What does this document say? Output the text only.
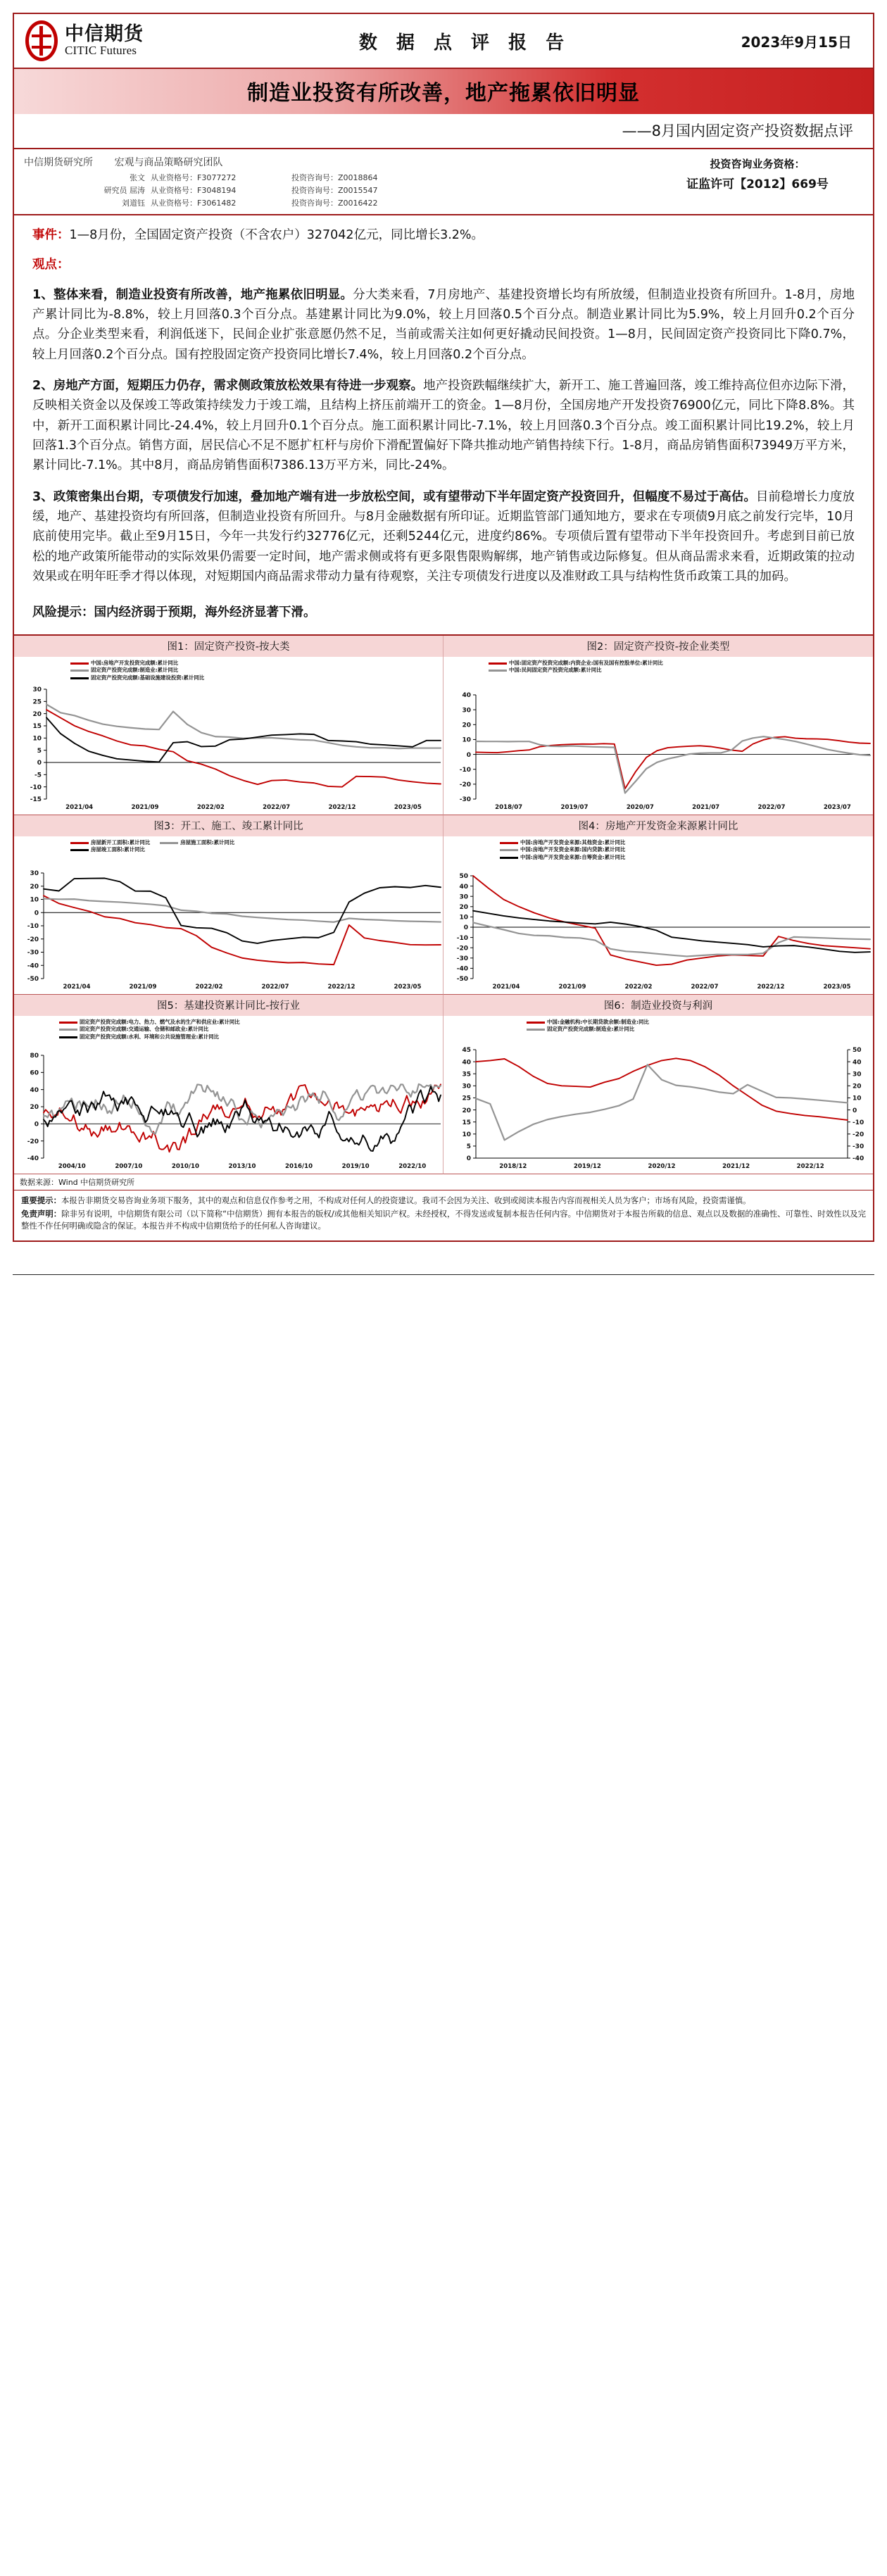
中信期货
CITIC Futures	数 据 点 评 报 告	2023年9月15日
制造业投资有所改善，地产拖累依旧明显
——8月国内固定资产投资数据点评
中信期货研究所 宏观与商品策略研究团队
张文 从业资格号：F3077272	投资咨询号：Z0018864
研究员 屈涛 从业资格号：F3048194	投资咨询号：Z0015547
刘道钰 从业资格号：F3061482	投资咨询号：Z0016422
投资咨询业务资格：
证监许可【2012】669号
事件：1—8月份，全国固定资产投资（不含农户）327042亿元，同比增长3.2%。
观点：
1、整体来看，制造业投资有所改善，地产拖累依旧明显。分大类来看，7月房地产、基建投资增长均有所放缓，但制造业投资有所回升。1-8月，房地产累计同比为-8.8%，较上月回落0.3个百分点。基建累计同比为9.0%，较上月回落0.5个百分点。制造业累计同比为5.9%，较上月回升0.2个百分点。分企业类型来看，利润低迷下，民间企业扩张意愿仍然不足，当前或需关注如何更好撬动民间投资。1—8月，民间固定资产投资同比下降0.7%，较上月回落0.2个百分点。国有控股固定资产投资同比增长7.4%，较上月回落0.2个百分点。
2、房地产方面，短期压力仍存，需求侧政策放松效果有待进一步观察。地产投资跌幅继续扩大，新开工、施工普遍回落，竣工维持高位但亦边际下滑，反映相关资金以及保竣工等政策持续发力于竣工端，且结构上挤压前端开工的资金。1—8月份，全国房地产开发投资76900亿元，同比下降8.8%。其中，新开工面积累计同比-24.4%，较上月回升0.1个百分点。施工面积累计同比-7.1%，较上月回落0.3个百分点。竣工面积累计同比19.2%，较上月回落1.3个百分点。销售方面，居民信心不足不愿扩杠杆与房价下滑配置偏好下降共推动地产销售持续下行。1-8月，商品房销售面积73949万平方米，累计同比-7.1%。其中8月，商品房销售面积7386.13万平方米，同比-24%。
3、政策密集出台期，专项债发行加速，叠加地产端有进一步放松空间，或有望带动下半年固定资产投资回升，但幅度不易过于高估。目前稳增长力度放缓，地产、基建投资均有所回落，但制造业投资有所回升。与8月金融数据有所印证。近期监管部门通知地方，要求在专项债9月底之前发行完毕，10月底前使用完毕。截止至9月15日，今年一共发行约32776亿元，还剩5244亿元，进度约86%。专项债后置有望带动下半年投资回升。考虑到目前已放松的地产政策所能带动的实际效果仍需要一定时间，地产需求侧或将有更多限售限购解绑，地产销售或边际修复。但从商品需求来看，近期政策的拉动效果或在明年旺季才得以体现，对短期国内商品需求带动力量有待观察，关注专项债发行进度以及准财政工具与结构性货币政策工具的加码。
风险提示：国内经济弱于预期，海外经济显著下滑。
图1：固定资产投资-按大类
中国:房地产开发投资完成额:累计同比
固定资产投资完成额:制造业:累计同比
固定资产投资完成额:基础设施建设投资:累计同比
30
25
20
15
10
5
0
-5
-10
-15
2021/04	2021/09	2022/02	2022/07	2022/12	2023/05
图2：固定资产投资-按企业类型
中国:固定资产投资完成额:内资企业:国有及国有控股单位:累计同比
中国:民间固定资产投资完成额:累计同比
40
30
20
10
0
-10
-20
-30
2018/07	2019/07	2020/07	2021/07	2022/07	2023/07
图3：开工、施工、竣工累计同比
房屋新开工面积:累计同比	房屋施工面积:累计同比
房屋竣工面积:累计同比
30
20
10
0
-10
-20
-30
-40
-50
2021/04	2021/09	2022/02	2022/07	2022/12	2023/05
图4：房地产开发资金来源累计同比
中国:房地产开发资金来源:其他资金:累计同比
中国:房地产开发资金来源:国内贷款:累计同比
中国:房地产开发资金来源:自筹资金:累计同比
50
40
30
20
10
0
-10
-20
-30
-40
-50
2021/04	2021/09	2022/02	2022/07	2022/12	2023/05
图5：基建投资累计同比-按行业
固定资产投资完成额:电力、热力、燃气及水的生产和供应业:累计同比
固定资产投资完成额:交通运输、仓储和邮政业:累计同比
固定资产投资完成额:水利、环境和公共设施管理业:累计同比
80
60
40
20
0
-20
-40
2004/10	2007/10	2010/10	2013/10	2016/10	2019/10	2022/10
图6：制造业投资与利润
中国:金融机构:中长期贷款余额:制造业:同比
固定资产投资完成额:制造业:累计同比
45
40
35
30
25
20
15
10
5
0
50
40
30
20
10
0
-10
-20
-30
-40
2018/12	2019/12	2020/12	2021/12	2022/12
数据来源：Wind 中信期货研究所

重要提示：本报告非期货交易咨询业务项下服务，其中的观点和信息仅作参考之用，不构成对任何人的投资建议。我司不会因为关注、收到或阅读本报告内容而视相关人员为客户；市场有风险，投资需谨慎。

免责声明：除非另有说明，中信期货有限公司（以下简称“中信期货）拥有本报告的版权/或其他相关知识产权。未经授权，不得发送或复制本报告任何内容。中信期货对于本报告所载的信息、观点以及数据的准确性、可靠性、时效性以及完整性不作任何明确或隐含的保证。本报告并不构成中信期货给予的任何私人咨询建议。
